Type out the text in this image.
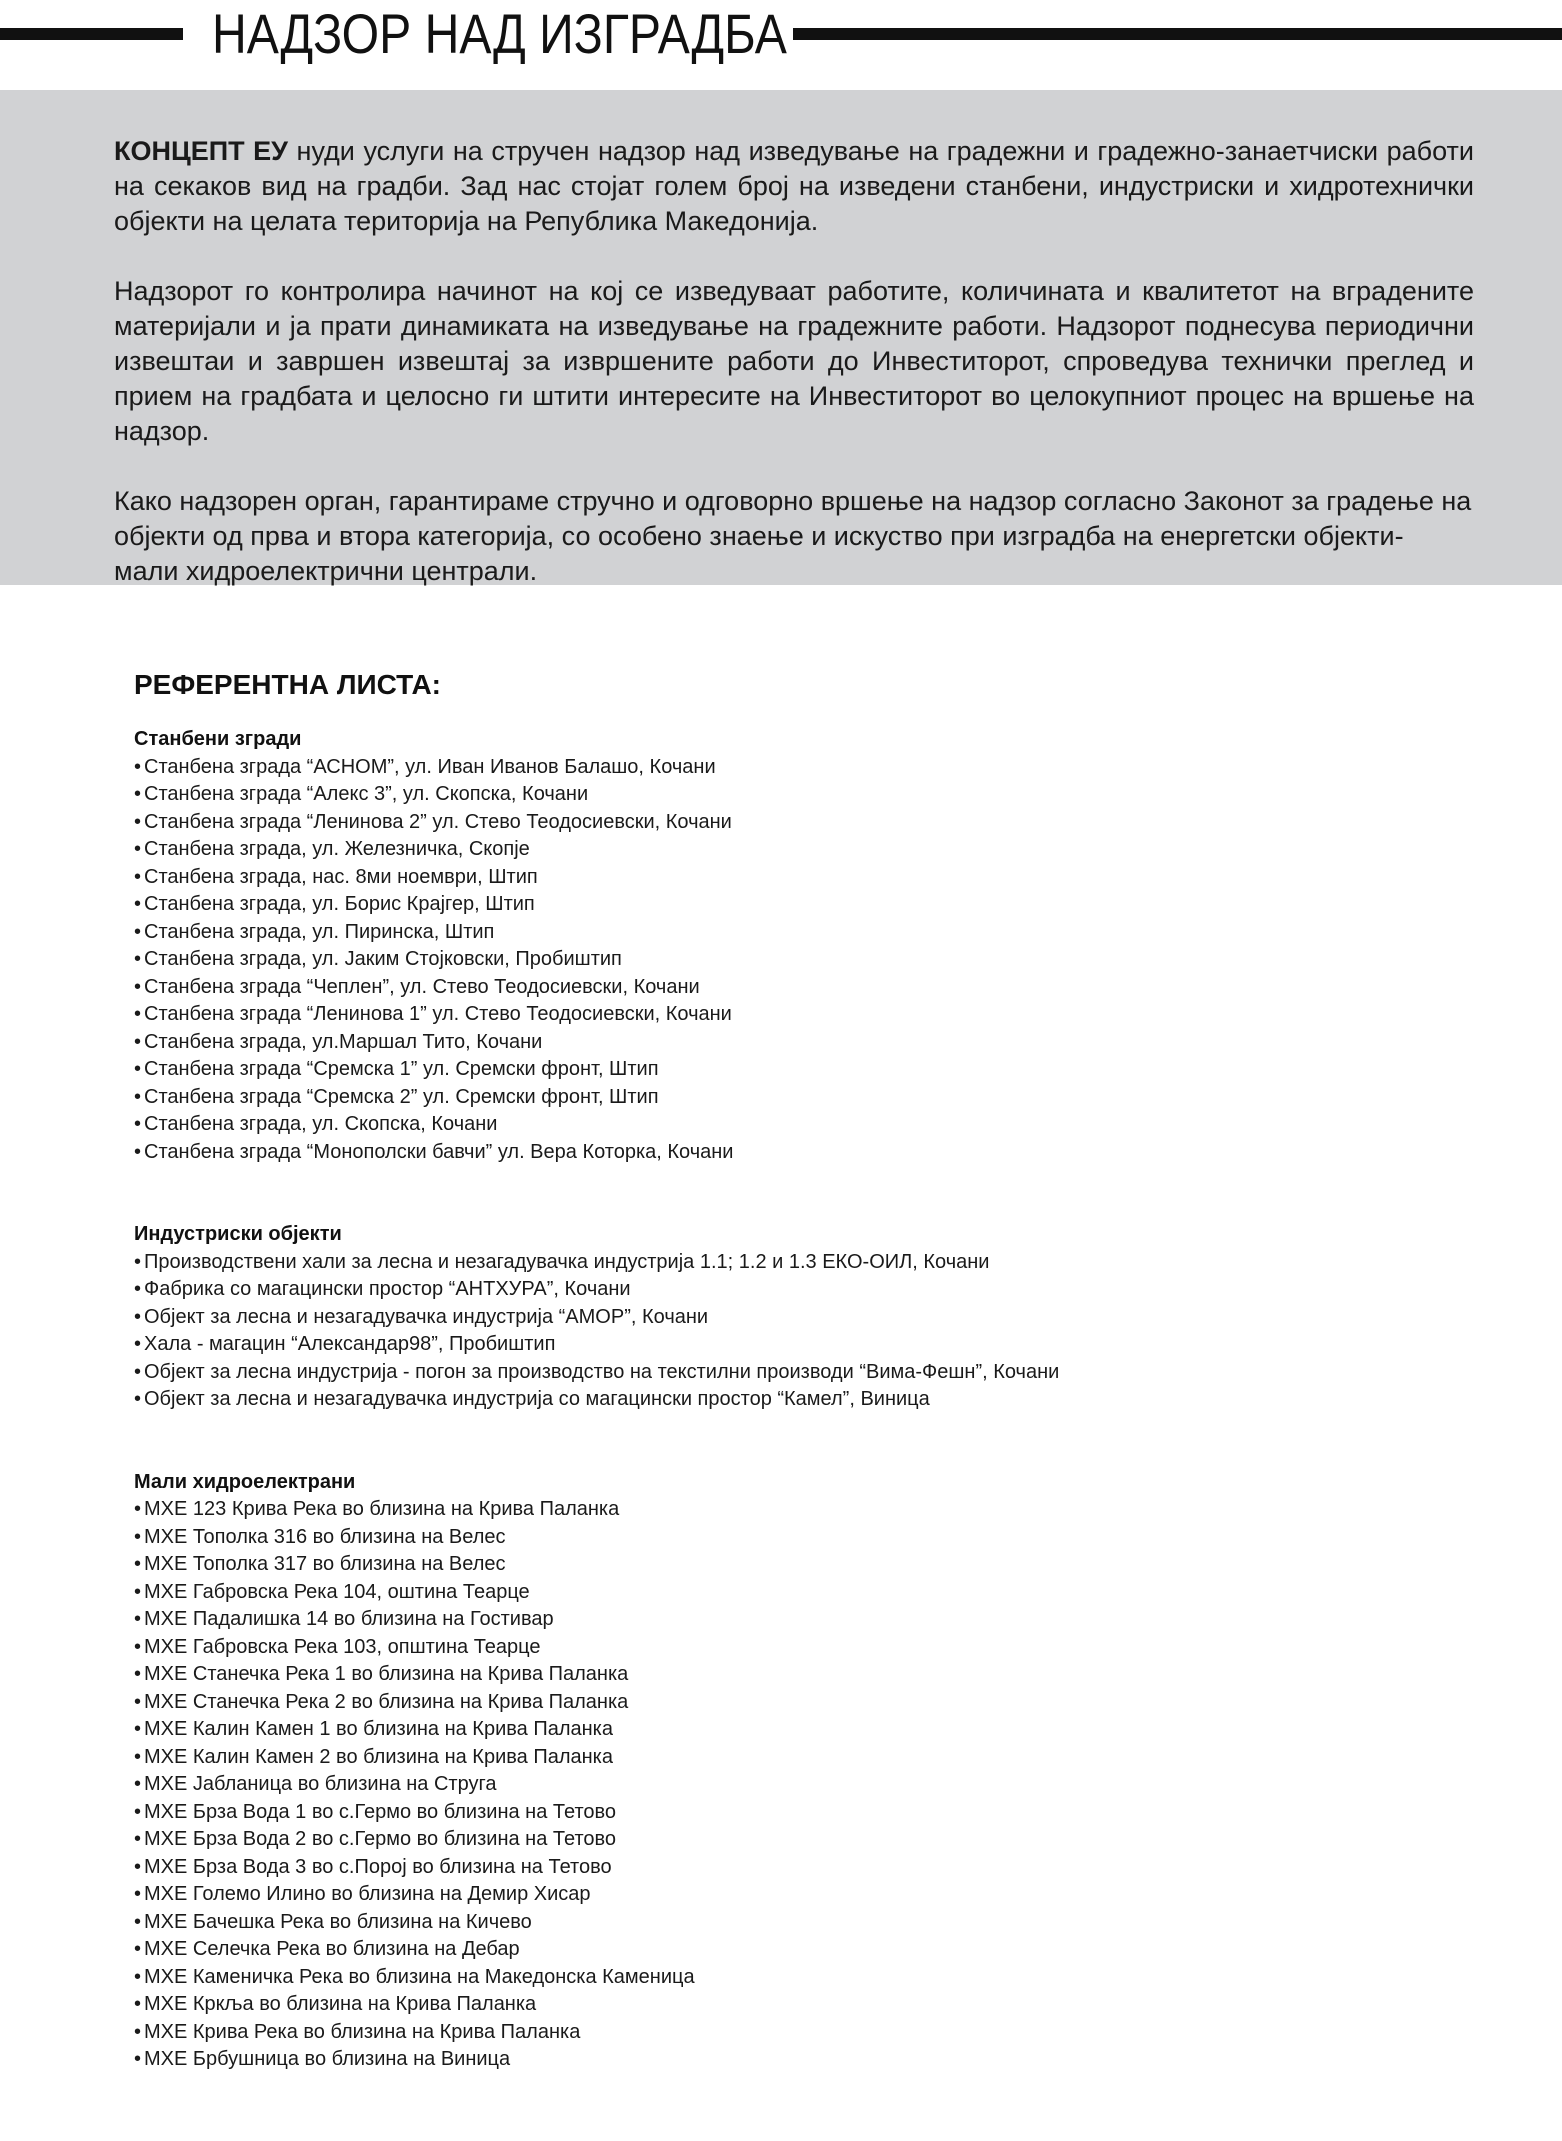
НАДЗОР НАД ИЗГРАДБА

КОНЦЕПТ ЕУ нуди услуги на стручен надзор над изведување на градежни и градежно-занаетчиски работи на секаков вид на градби. Зад нас стојат голем број на изведени станбени, индустриски и хидротехнички објекти на целата територија на Република Македонија.

Надзорот го контролира начинот на кој се изведуваат работите, количината и квалитетот на вградените материјали и ја прати динамиката на изведување на градежните работи. Надзорот поднесува периодични извештаи и завршен извештај за извршените работи до Инвеститорот, спроведува технички преглед и прием на градбата и целосно ги штити интересите на Инвеститорот во целокупниот процес на вршење на надзор.

Како надзорен орган, гарантираме стручно и одговорно вршење на надзор согласно Законот за градење на објекти од прва и втора категорија, со особено знаење и искуство при изградба на енергетски објекти- мали хидроелектрични централи.

РЕФЕРЕНТНА ЛИСТА:
Станбени згради
• Станбена зграда “АСНОМ”, ул. Иван Иванов Балашо, Кочани
• Станбена зграда “Алекс 3”, ул. Скопска, Кочани
• Станбена зграда “Ленинова 2” ул. Стево Теодосиевски, Кочани
• Станбена зграда, ул. Железничка, Скопје
• Станбена зграда, нас. 8ми ноември, Штип
• Станбена зграда, ул. Борис Крајгер, Штип
• Станбена зграда, ул. Пиринска, Штип
• Станбена зграда, ул. Јаким Стојковски, Пробиштип
• Станбена зграда “Чеплен”, ул. Стево Теодосиевски, Кочани
• Станбена зграда “Ленинова 1” ул. Стево Теодосиевски, Кочани
• Станбена зграда, ул.Маршал Тито, Кочани
• Станбена зграда “Сремска 1” ул. Сремски фронт, Штип
• Станбена зграда “Сремска 2” ул. Сремски фронт, Штип
• Станбена зграда, ул. Скопска, Кочани
• Станбена зграда “Монополски бавчи” ул. Вера Которка, Кочани
Индустриски објекти
• Производствени хали за лесна и незагадувачка индустрија 1.1; 1.2 и 1.3 ЕКО-ОИЛ, Кочани
• Фабрика со магацински простор “АНТХУРА”, Кочани
• Објект за лесна и незагадувачка индустрија “АМОР”, Кочани
• Хала - магацин “Александар98”, Пробиштип
• Објект за лесна индустрија - погон за производство на текстилни производи “Вима-Фешн”, Кочани
• Објект за лесна и незагадувачка индустрија со магацински простор “Камел”, Виница
Мали хидроелектрани
• МХЕ 123 Крива Река во близина на Крива Паланка
• МХЕ Тополка 316 во близина на Велес
• МХЕ Тополка 317 во близина на Велес
• МХЕ Габровска Река 104, оштина Теарце
• МХЕ Падалишка 14 во близина на Гостивар
• МХЕ Габровска Река 103, општина Теарце
• МХЕ Станечка Река 1 во близина на Крива Паланка
• МХЕ Станечка Река 2 во близина на Крива Паланка
• МХЕ Калин Камен 1 во близина на Крива Паланка
• МХЕ Калин Камен 2 во близина на Крива Паланка
• МХЕ Јабланица во близина на Струга
• МХЕ Брза Вода 1 во с.Гермо во близина на Тетово
• МХЕ Брза Вода 2 во с.Гермо во близина на Тетово
• МХЕ Брза Вода 3 во с.Порој во близина на Тетово
• МХЕ Големо Илино во близина на Демир Хисар
• МХЕ Бачешка Река во близина на Кичево
• МХЕ Селечка Река во близина на Дебар
• МХЕ Каменичка Река во близина на Македонска Каменица
• МХЕ Кркља во близина на Крива Паланка
• МХЕ Крива Река во близина на Крива Паланка
• МХЕ Брбушница во близина на Виница
